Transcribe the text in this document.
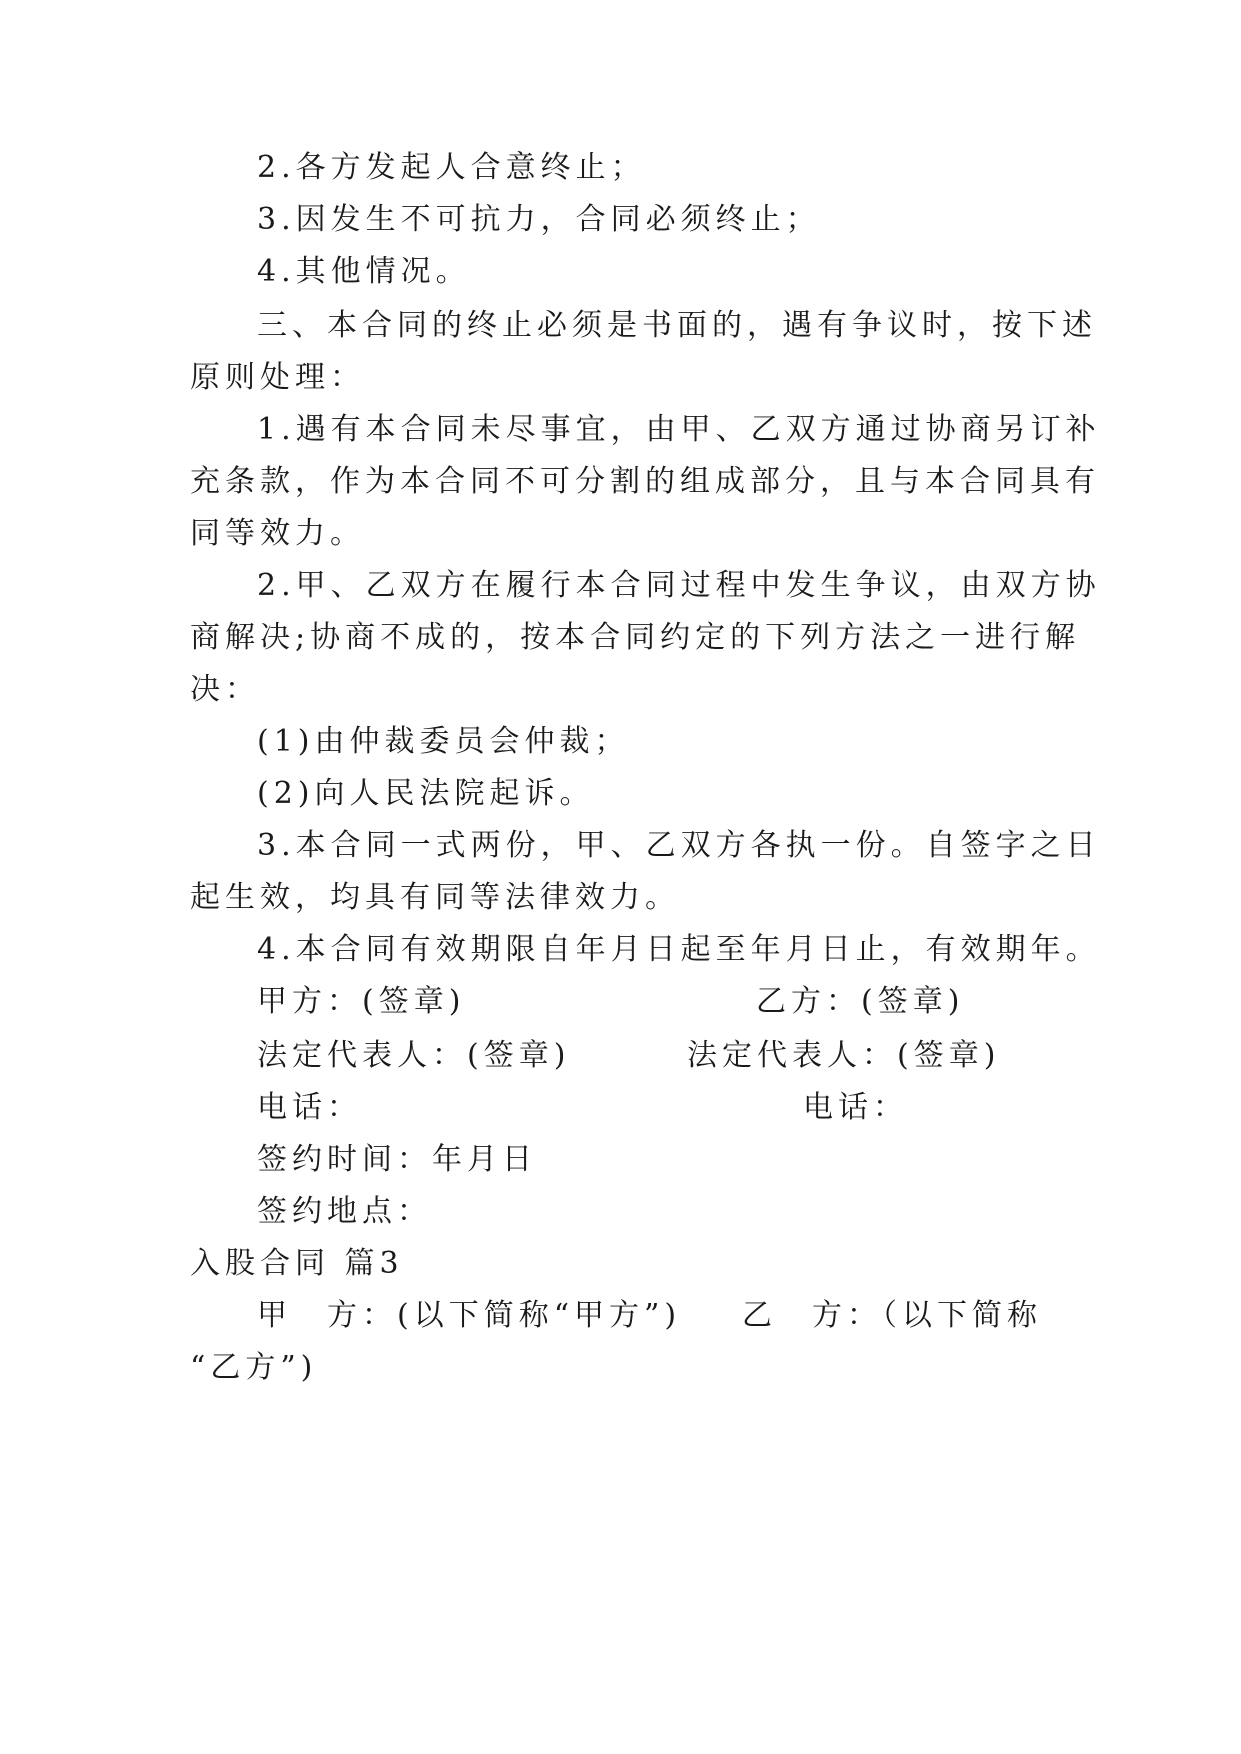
2.各方发起人合意终止；
3.因发生不可抗力，合同必须终止；
4.其他情况。
三、本合同的终止必须是书面的，遇有争议时，按下述
原则处理：
1.遇有本合同未尽事宜，由甲、乙双方通过协商另订补
充条款，作为本合同不可分割的组成部分，且与本合同具有
同等效力。
2.甲、乙双方在履行本合同过程中发生争议，由双方协
商解决;协商不成的，按本合同约定的下列方法之一进行解
决：
(1)由仲裁委员会仲裁；
(2)向人民法院起诉。
3.本合同一式两份，甲、乙双方各执一份。自签字之日
起生效，均具有同等法律效力。
4.本合同有效期限自年月日起至年月日止，有效期年。
甲方：(签章)	乙方：(签章)
法定代表人：(签章)	法定代表人：(签章)
电话：	电话：
签约时间：年月日
签约地点：
入股合同 篇3
甲　方：(以下简称“甲方”) 乙　方：（以下简称
“乙方”)
